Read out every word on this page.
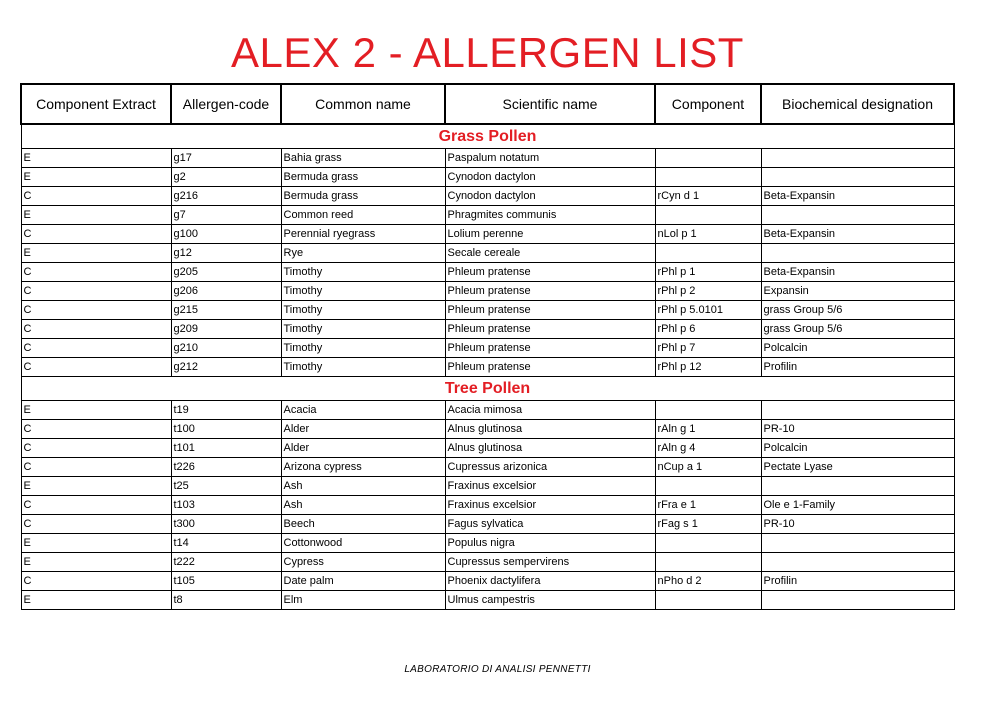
ALEX 2 - ALLERGEN LIST
Component Extract	Allergen-code	Common name	Scientific name	Component	Biochemical designation
Grass Pollen					
E	g17	Bahia grass	Paspalum notatum		
E	g2	Bermuda grass	Cynodon dactylon		
C	g216	Bermuda grass	Cynodon dactylon	rCyn d 1	Beta-Expansin
E	g7	Common reed	Phragmites communis		
C	g100	Perennial ryegrass	Lolium perenne	nLol p 1	Beta-Expansin
E	g12	Rye	Secale cereale		
C	g205	Timothy	Phleum pratense	rPhl p 1	Beta-Expansin
C	g206	Timothy	Phleum pratense	rPhl p 2	Expansin
C	g215	Timothy	Phleum pratense	rPhl p 5.0101	grass Group 5/6
C	g209	Timothy	Phleum pratense	rPhl p 6	grass Group 5/6
C	g210	Timothy	Phleum pratense	rPhl p 7	Polcalcin
C	g212	Timothy	Phleum pratense	rPhl p 12	Profilin
Tree Pollen					
E	t19	Acacia	Acacia mimosa		
C	t100	Alder	Alnus glutinosa	rAln g 1	PR-10
C	t101	Alder	Alnus glutinosa	rAln g 4	Polcalcin
C	t226	Arizona cypress	Cupressus arizonica	nCup a 1	Pectate Lyase
E	t25	Ash	Fraxinus excelsior		
C	t103	Ash	Fraxinus excelsior	rFra e 1	Ole e 1-Family
C	t300	Beech	Fagus sylvatica	rFag s 1	PR-10
E	t14	Cottonwood	Populus nigra		
E	t222	Cypress	Cupressus sempervirens		
C	t105	Date palm	Phoenix dactylifera	nPho d 2	Profilin
E	t8	Elm	Ulmus campestris		
LABORATORIO DI ANALISI PENNETTI
